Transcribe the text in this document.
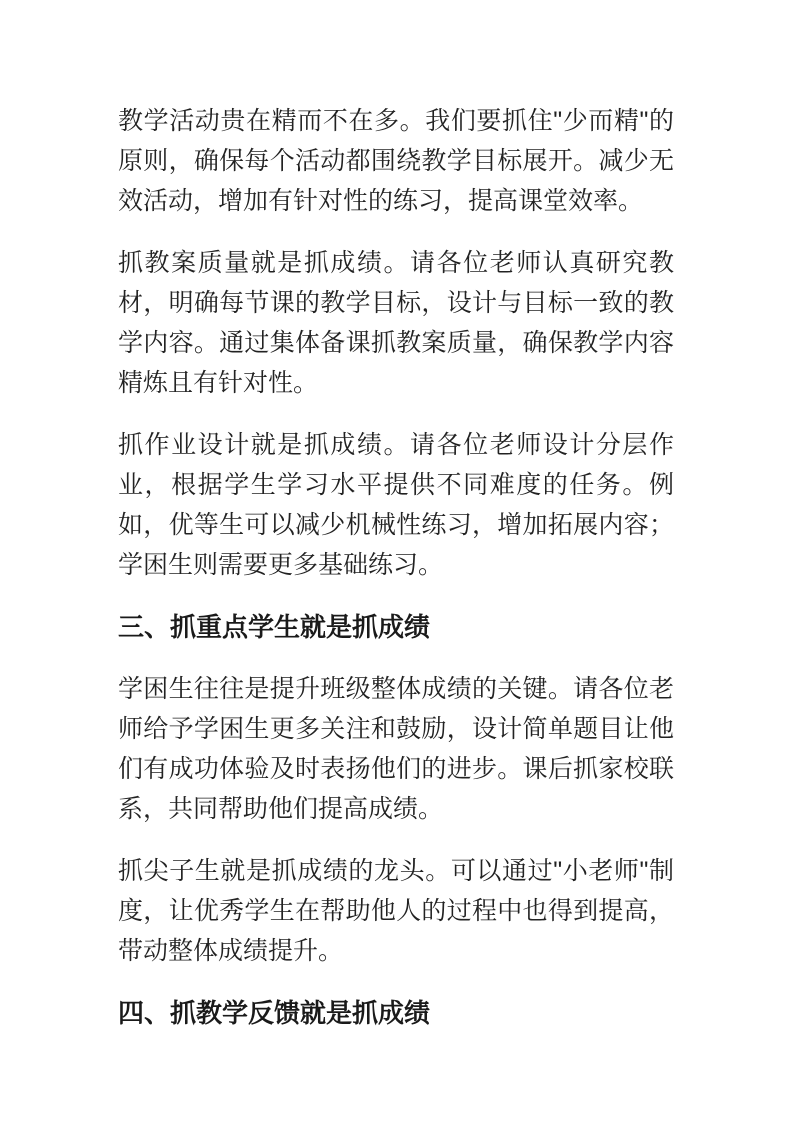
教学活动贵在精而不在多。我们要抓住"少而精"的原则，确保每个活动都围绕教学目标展开。减少无效活动，增加有针对性的练习，提高课堂效率。

抓教案质量就是抓成绩。请各位老师认真研究教材，明确每节课的教学目标，设计与目标一致的教学内容。通过集体备课抓教案质量，确保教学内容精炼且有针对性。

抓作业设计就是抓成绩。请各位老师设计分层作业，根据学生学习水平提供不同难度的任务。例如，优等生可以减少机械性练习，增加拓展内容；学困生则需要更多基础练习。

三、抓重点学生就是抓成绩

学困生往往是提升班级整体成绩的关键。请各位老师给予学困生更多关注和鼓励，设计简单题目让他们有成功体验及时表扬他们的进步。课后抓家校联系，共同帮助他们提高成绩。

抓尖子生就是抓成绩的龙头。可以通过"小老师"制度，让优秀学生在帮助他人的过程中也得到提高，带动整体成绩提升。

四、抓教学反馈就是抓成绩
